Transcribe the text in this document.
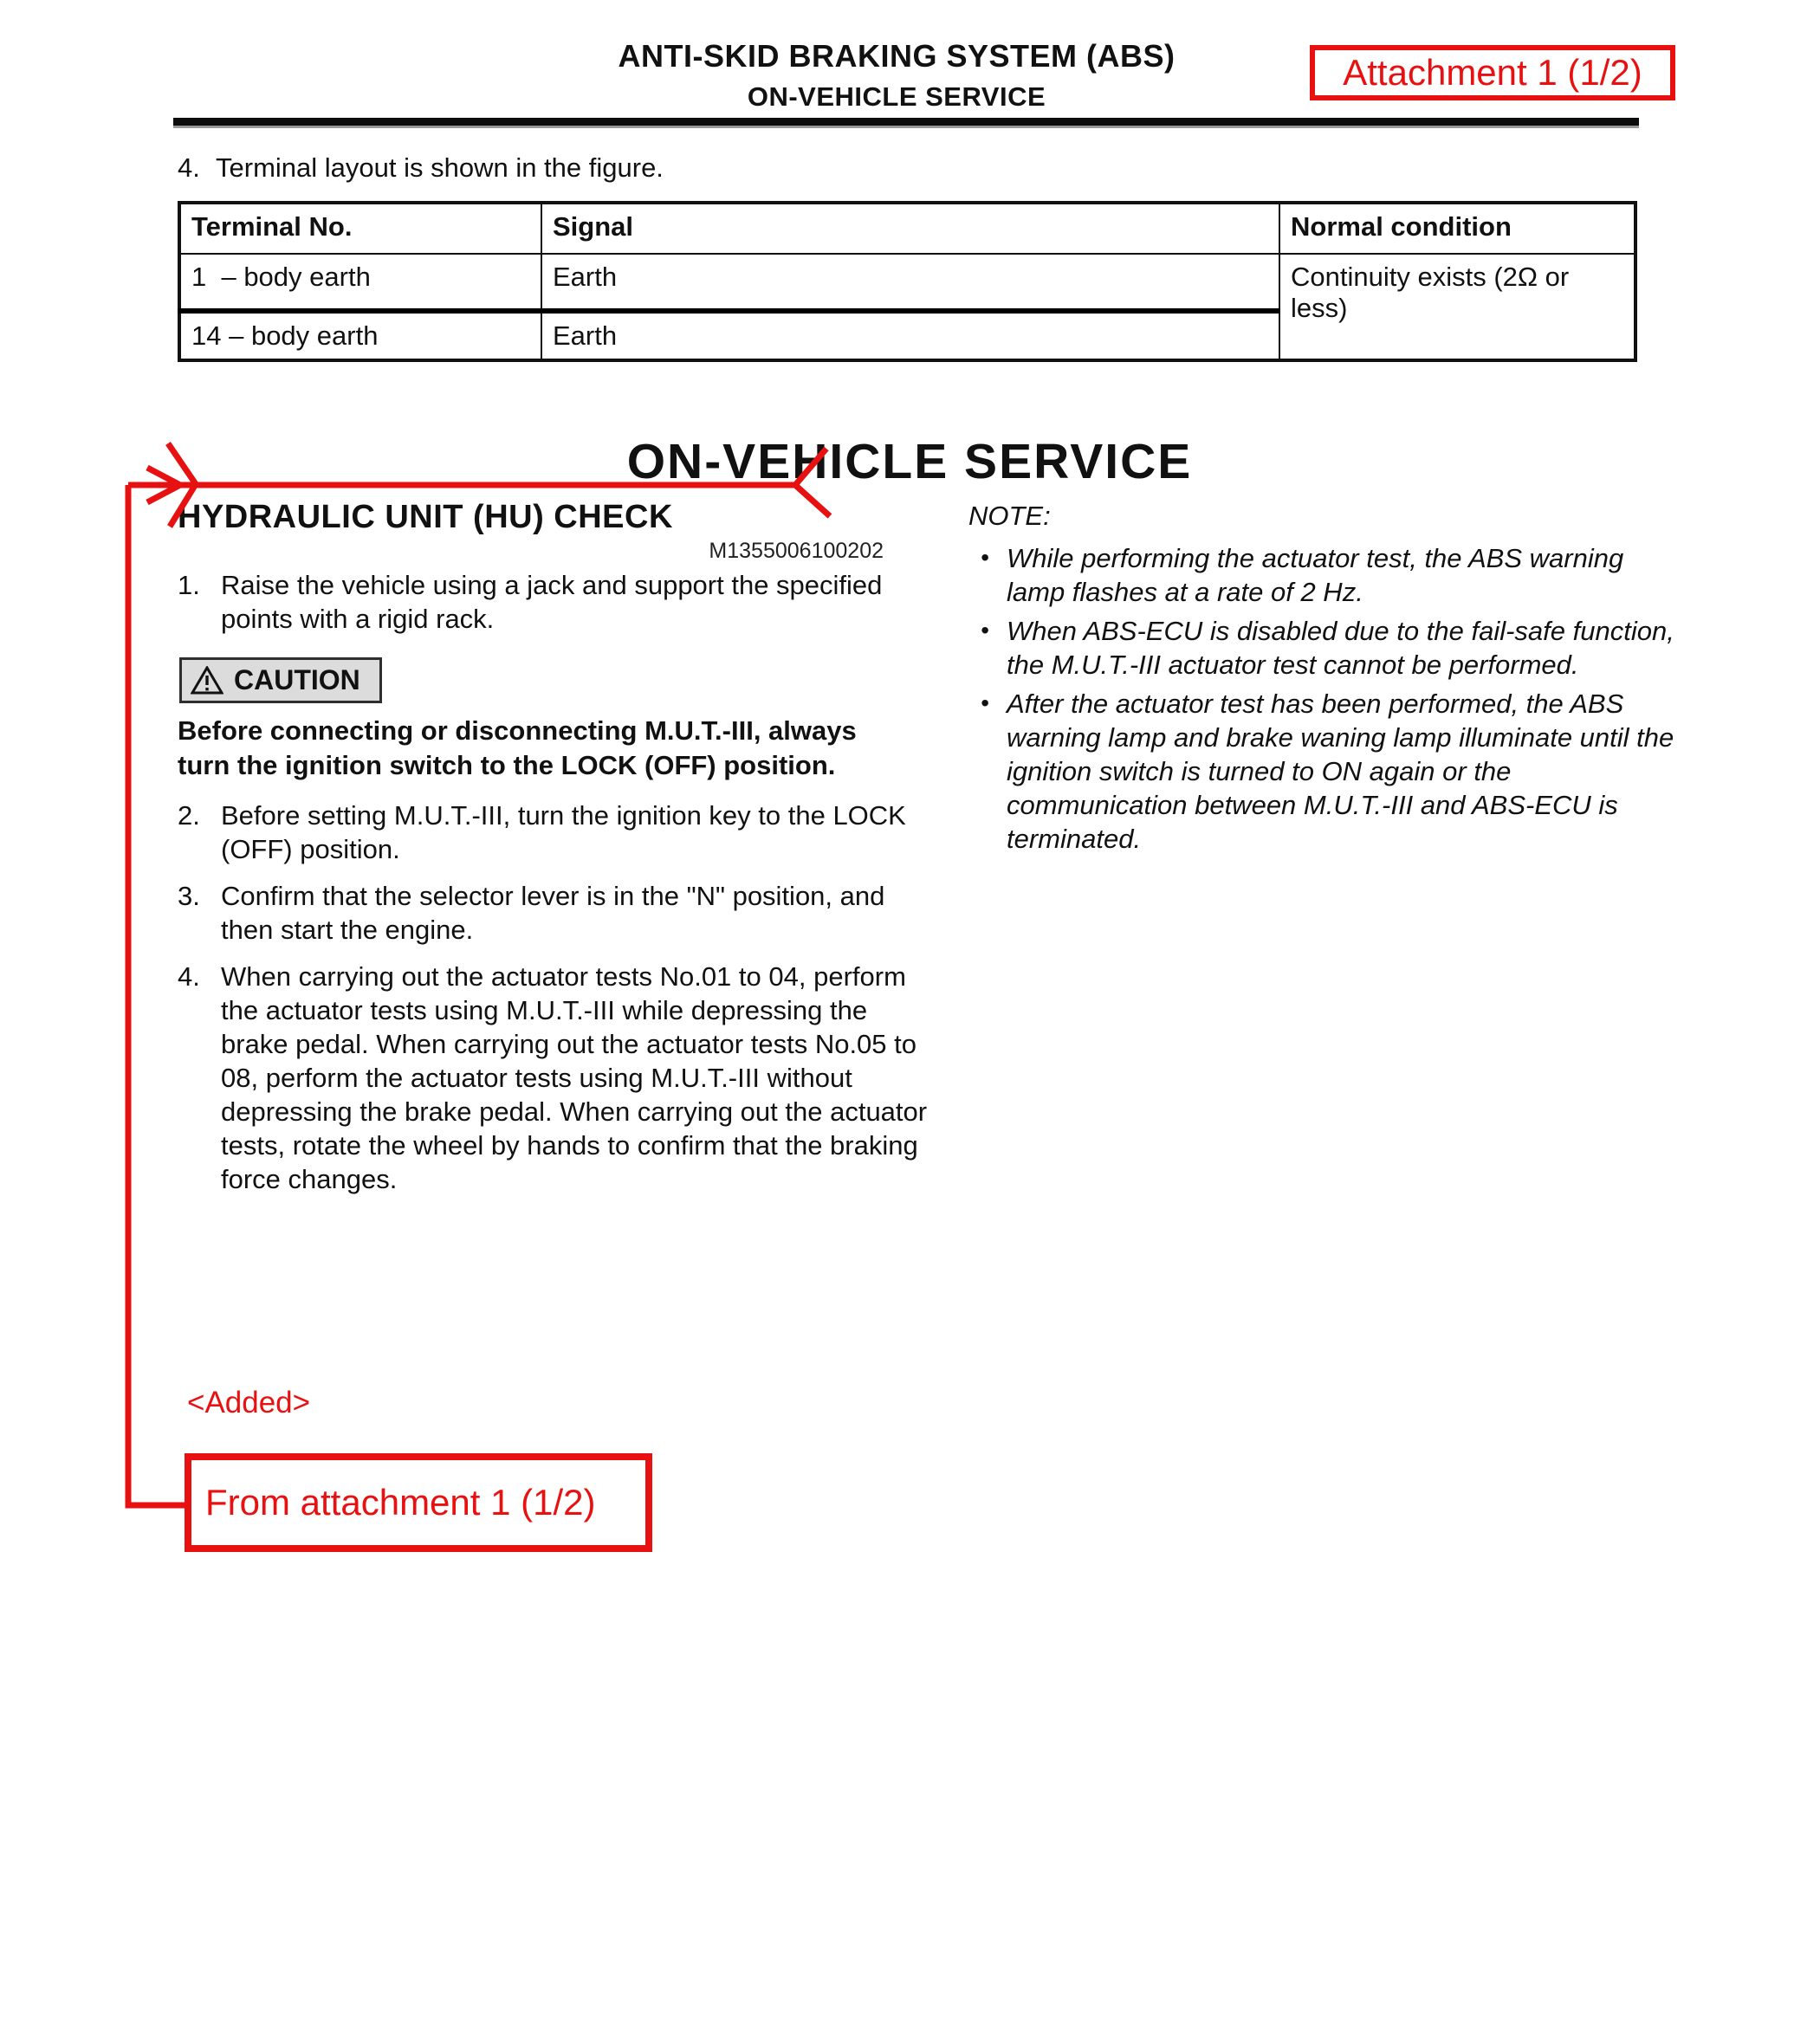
ANTI-SKID BRAKING SYSTEM (ABS)
ON-VEHICLE SERVICE
Attachment 1 (1/2)
4. Terminal layout is shown in the figure.
Terminal No.	Signal	Normal condition
1  – body earth	Earth	Continuity exists (2Ω or less)
14 – body earth	Earth	
ON-VEHICLE SERVICE
HYDRAULIC UNIT (HU) CHECK
M1355006100202
1. Raise the vehicle using a jack and support the specified points with a rigid rack.
CAUTION
Before connecting or disconnecting M.U.T.-III, always turn the ignition switch to the LOCK (OFF) position.
2. Before setting M.U.T.-III, turn the ignition key to the LOCK (OFF) position.
3. Confirm that the selector lever is in the "N" position, and then start the engine.
4. When carrying out the actuator tests No.01 to 04, perform the actuator tests using M.U.T.-III while depressing the brake pedal. When carrying out the actuator tests No.05 to 08, perform the actuator tests using M.U.T.-III without depressing the brake pedal. When carrying out the actuator tests, rotate the wheel by hands to confirm that the braking force changes.
NOTE:
• While performing the actuator test, the ABS warning lamp flashes at a rate of 2 Hz.
• When ABS-ECU is disabled due to the fail-safe function, the M.U.T.-III actuator test cannot be performed.
• After the actuator test has been performed, the ABS warning lamp and brake waning lamp illuminate until the ignition switch is turned to ON again or the communication between M.U.T.-III and ABS-ECU is terminated.
<Added>
From attachment 1 (1/2)
